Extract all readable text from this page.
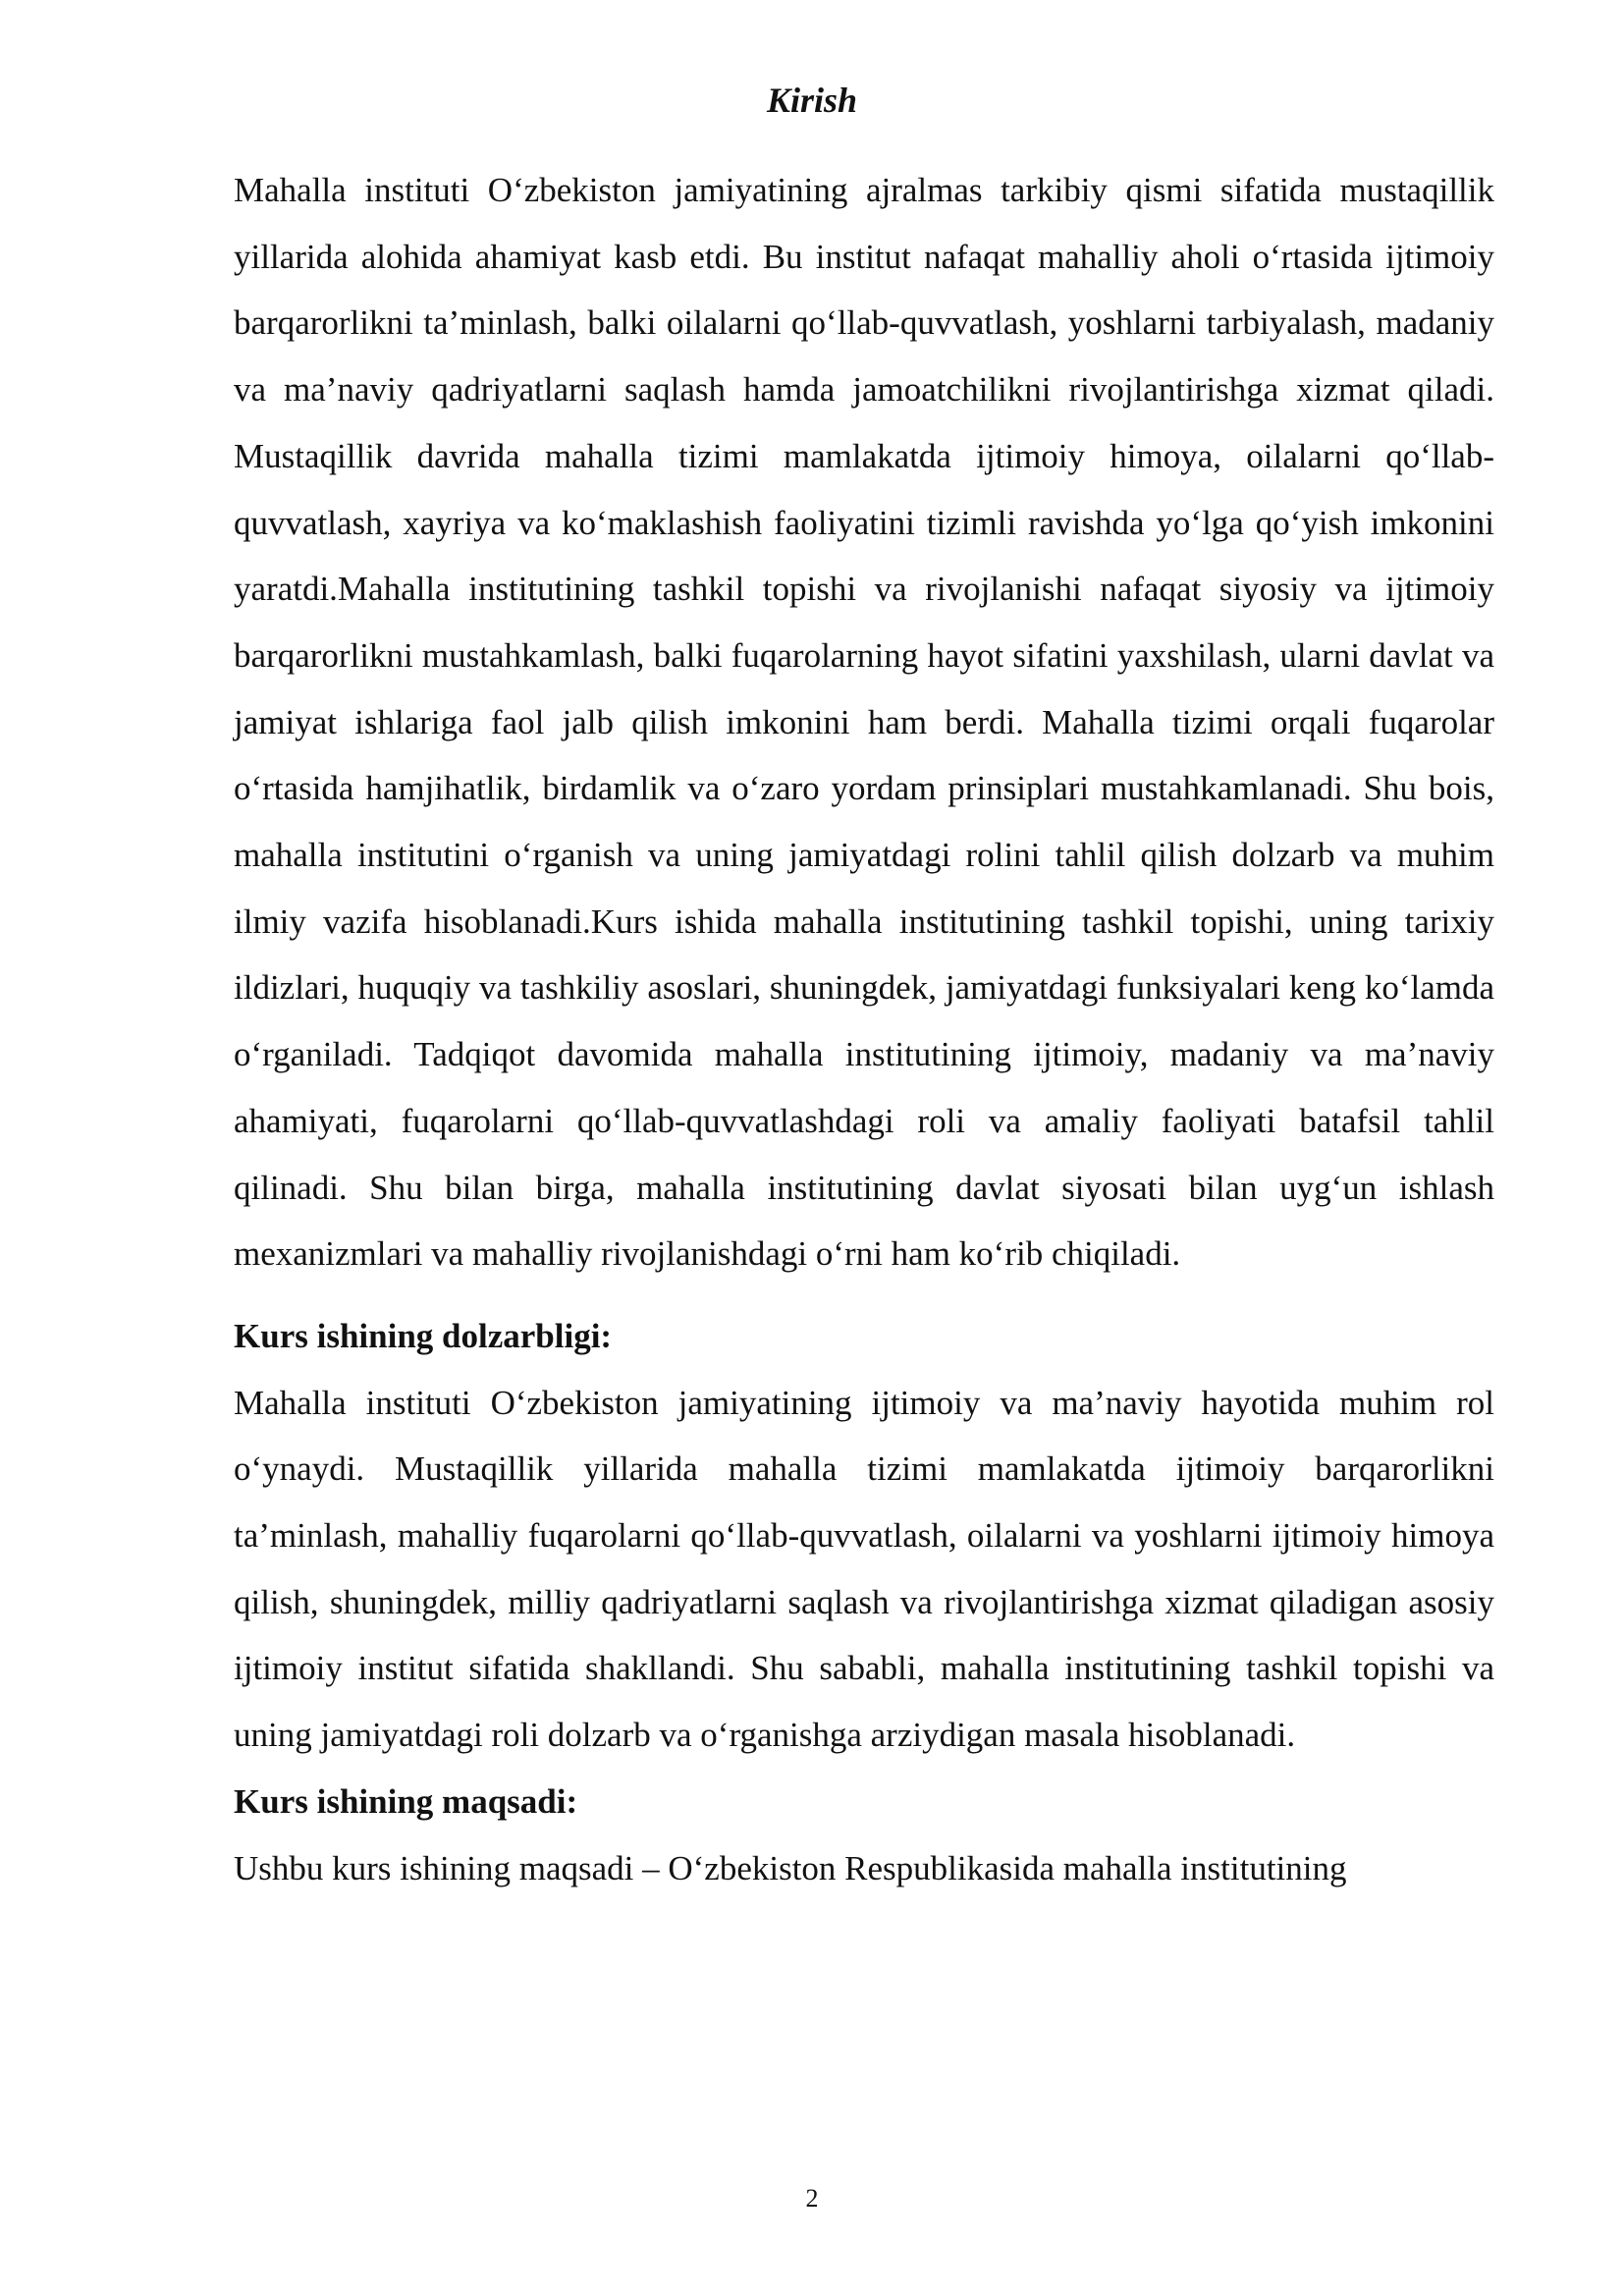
Kirish

Mahalla instituti O‘zbekiston jamiyatining ajralmas tarkibiy qismi sifatida mustaqillik yillarida alohida ahamiyat kasb etdi. Bu institut nafaqat mahalliy aholi o‘rtasida ijtimoiy barqarorlikni ta’minlash, balki oilalarni qo‘llab-quvvatlash, yoshlarni tarbiyalash, madaniy va ma’naviy qadriyatlarni saqlash hamda jamoatchilikni rivojlantirishga xizmat qiladi. Mustaqillik davrida mahalla tizimi mamlakatda ijtimoiy himoya, oilalarni qo‘llab-quvvatlash, xayriya va ko‘maklashish faoliyatini tizimli ravishda yo‘lga qo‘yish imkonini yaratdi.Mahalla institutining tashkil topishi va rivojlanishi nafaqat siyosiy va ijtimoiy barqarorlikni mustahkamlash, balki fuqarolarning hayot sifatini yaxshilash, ularni davlat va jamiyat ishlariga faol jalb qilish imkonini ham berdi. Mahalla tizimi orqali fuqarolar o‘rtasida hamjihatlik, birdamlik va o‘zaro yordam prinsiplari mustahkamlanadi. Shu bois, mahalla institutini o‘rganish va uning jamiyatdagi rolini tahlil qilish dolzarb va muhim ilmiy vazifa hisoblanadi.Kurs ishida mahalla institutining tashkil topishi, uning tarixiy ildizlari, huquqiy va tashkiliy asoslari, shuningdek, jamiyatdagi funksiyalari keng ko‘lamda o‘rganiladi. Tadqiqot davomida mahalla institutining ijtimoiy, madaniy va ma’naviy ahamiyati, fuqarolarni qo‘llab-quvvatlashdagi roli va amaliy faoliyati batafsil tahlil qilinadi. Shu bilan birga, mahalla institutining davlat siyosati bilan uyg‘un ishlash mexanizmlari va mahalliy rivojlanishdagi o‘rni ham ko‘rib chiqiladi.

Kurs ishining dolzarbligi:

Mahalla instituti O‘zbekiston jamiyatining ijtimoiy va ma’naviy hayotida muhim rol o‘ynaydi. Mustaqillik yillarida mahalla tizimi mamlakatda ijtimoiy barqarorlikni ta’minlash, mahalliy fuqarolarni qo‘llab-quvvatlash, oilalarni va yoshlarni ijtimoiy himoya qilish, shuningdek, milliy qadriyatlarni saqlash va rivojlantirishga xizmat qiladigan asosiy ijtimoiy institut sifatida shakllandi. Shu sababli, mahalla institutining tashkil topishi va uning jamiyatdagi roli dolzarb va o‘rganishga arziydigan masala hisoblanadi.

Kurs ishining maqsadi:

Ushbu kurs ishining maqsadi – O‘zbekiston Respublikasida mahalla institutining

2
